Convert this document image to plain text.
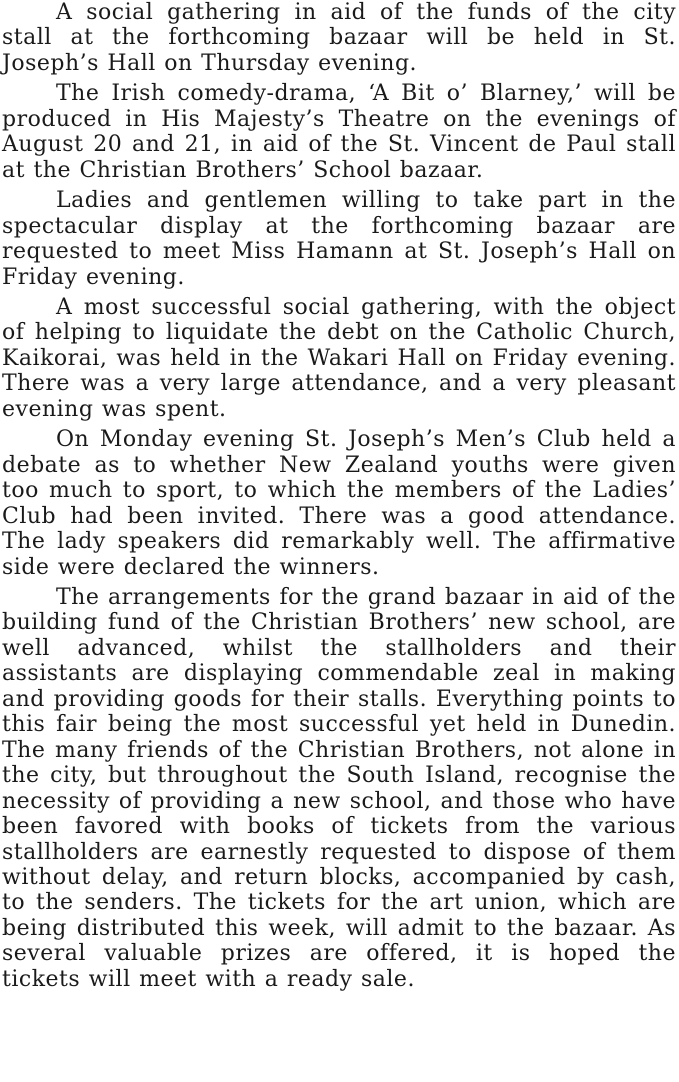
A social gathering in aid of the funds of the city stall at the forthcoming bazaar will be held in St. Joseph’s Hall on Thursday evening.

The Irish comedy-drama, ‘A Bit o’ Blarney,’ will be produced in His Majesty’s Theatre on the evenings of August 20 and 21, in aid of the St. Vincent de Paul stall at the Christian Brothers’ School bazaar.

Ladies and gentlemen willing to take part in the spectacular display at the forthcoming bazaar are requested to meet Miss Hamann at St. Joseph’s Hall on Friday evening.

A most successful social gathering, with the object of helping to liquidate the debt on the Catholic Church, Kaikorai, was held in the Wakari Hall on Friday evening. There was a very large attendance, and a very pleasant evening was spent.

On Monday evening St. Joseph’s Men’s Club held a debate as to whether New Zealand youths were given too much to sport, to which the members of the Ladies’ Club had been invited. There was a good attendance. The lady speakers did remarkably well. The affirmative side were declared the winners.

The arrangements for the grand bazaar in aid of the building fund of the Christian Brothers’ new school, are well advanced, whilst the stallholders and their assistants are displaying commendable zeal in making and providing goods for their stalls. Everything points to this fair being the most successful yet held in Dunedin. The many friends of the Christian Brothers, not alone in the city, but throughout the South Island, recognise the necessity of providing a new school, and those who have been favored with books of tickets from the various stallholders are earnestly requested to dispose of them without delay, and return blocks, accompanied by cash, to the senders. The tickets for the art union, which are being distributed this week, will admit to the bazaar. As several valuable prizes are offered, it is hoped the tickets will meet with a ready sale.
